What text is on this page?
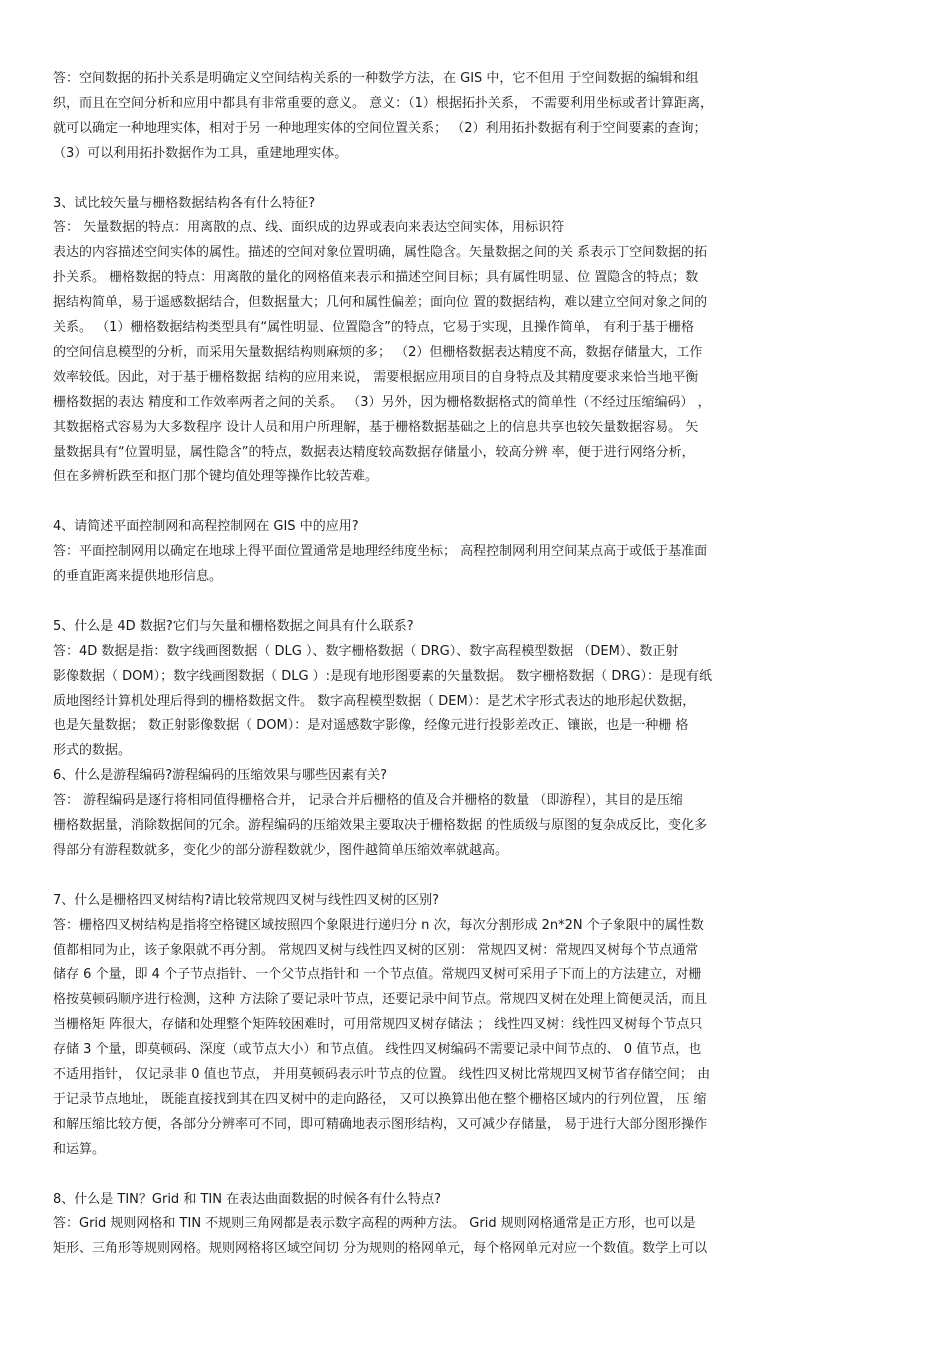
答：空间数据的拓扑关系是明确定义空间结构关系的一种数学方法，在 GIS 中，它不但用 于空间数据的编辑和组
织，而且在空间分析和应用中都具有非常重要的意义。 意义：（1）根据拓扑关系， 不需要利用坐标或者计算距离，
就可以确定一种地理实体，相对于另 一种地理实体的空间位置关系； （2）利用拓扑数据有利于空间要素的查询；
（3）可以利用拓扑数据作为工具，重建地理实体。
3、试比较矢量与栅格数据结构各有什么特征?
答： 矢量数据的特点：用离散的点、线、面织成的边界或表向来表达空间实体，用标识符
表达的内容描述空间实体的属性。描述的空间对象位置明确，属性隐含。矢量数据之间的关 系表示丁空间数据的拓
扑关系。 栅格数据的特点：用离散的量化的网格值来表示和描述空间目标；具有属性明显、位 置隐含的特点；数
据结构简单，易于遥感数据结合，但数据量大；几何和属性偏差；面向位 置的数据结构，难以建立空间对象之间的
关系。 （1）栅格数据结构类型具有“属性明显、位置隐含”的特点，它易于实现，且操作简单， 有利于基于栅格
的空间信息模型的分析，而采用矢量数据结构则麻烦的多； （2）但栅格数据表达精度不高，数据存储量大，工作
效率较低。因此，对于基于栅格数据 结构的应用来说， 需要根据应用项目的自身特点及其精度要求来恰当地平衡
栅格数据的表达 精度和工作效率两者之间的关系。 （3）另外，因为栅格数据格式的简单性（不经过压缩编码） ，
其数据格式容易为大多数程序 设计人员和用户所理解，基于栅格数据基础之上的信息共享也较矢量数据容易。 矢
量数据具有“位置明显，属性隐含”的特点，数据表达精度较高数据存储量小，较高分辨 率，便于进行网络分析，
但在多辨析跌至和抠门那个键均值处理等操作比较苦难。
4、请简述平面控制网和高程控制网在 GIS 中的应用?
答：平面控制网用以确定在地球上得平面位置通常是地理经纬度坐标； 高程控制网利用空间某点高于或低于基准面
的垂直距离来提供地形信息。
5、什么是 4D 数据?它们与矢量和栅格数据之间具有什么联系?
答：4D 数据是指：数字线画图数据（ DLG ）、数字栅格数据（ DRG）、数字高程模型数据 （DEM）、数正射
影像数据（ DOM）；数字线画图数据（ DLG ）:是现有地形图要素的矢量数据。 数字栅格数据（ DRG）：是现有纸
质地图经计算机处理后得到的栅格数据文件。 数字高程模型数据（ DEM）：是艺术字形式表达的地形起伏数据，
也是矢量数据； 数正射影像数据（ DOM）：是对遥感数字影像，经像元进行投影差改正、镶嵌，也是一种栅 格
形式的数据。
6、什么是游程编码?游程编码的压缩效果与哪些因素有关?
答： 游程编码是逐行将相同值得栅格合并， 记录合并后栅格的值及合并栅格的数量 （即游程），其目的是压缩
栅格数据量，消除数据间的冗余。游程编码的压缩效果主要取决于栅格数据 的性质级与原图的复杂成反比，变化多
得部分有游程数就多，变化少的部分游程数就少，图件越简单压缩效率就越高。
7、什么是栅格四叉树结构?请比较常规四叉树与线性四叉树的区别?
答：栅格四叉树结构是指将空格键区域按照四个象限进行递归分 n 次，每次分割形成 2n*2N 个子象限中的属性数
值都相同为止，该子象限就不再分割。 常规四叉树与线性四叉树的区别： 常规四叉树：常规四叉树每个节点通常
储存 6 个量，即 4 个子节点指针、一个父节点指针和 一个节点值。常规四叉树可采用子下而上的方法建立，对栅
格按莫顿码顺序进行检测，这种 方法除了要记录叶节点，还要记录中间节点。常规四叉树在处理上简便灵活，而且
当栅格矩 阵很大，存储和处理整个矩阵较困难时，可用常规四叉树存储法 ； 线性四叉树：线性四叉树每个节点只
存储 3 个量，即莫顿码、深度（或节点大小）和节点值。 线性四叉树编码不需要记录中间节点的、 0 值节点，也
不适用指针， 仅记录非 0 值也节点， 并用莫顿码表示叶节点的位置。 线性四叉树比常规四叉树节省存储空间； 由
于记录节点地址， 既能直接找到其在四叉树中的走向路径， 又可以换算出他在整个栅格区域内的行列位置， 压 缩
和解压缩比较方便，各部分分辨率可不同，即可精确地表示图形结构，又可减少存储量， 易于进行大部分图形操作
和运算。
8、什么是 TIN？Grid 和 TIN 在表达曲面数据的时候各有什么特点?
答：Grid 规则网格和 TIN 不规则三角网都是表示数字高程的两种方法。 Grid 规则网格通常是正方形，也可以是
矩形、三角形等规则网格。规则网格将区域空间切 分为规则的格网单元，每个格网单元对应一个数值。数学上可以
